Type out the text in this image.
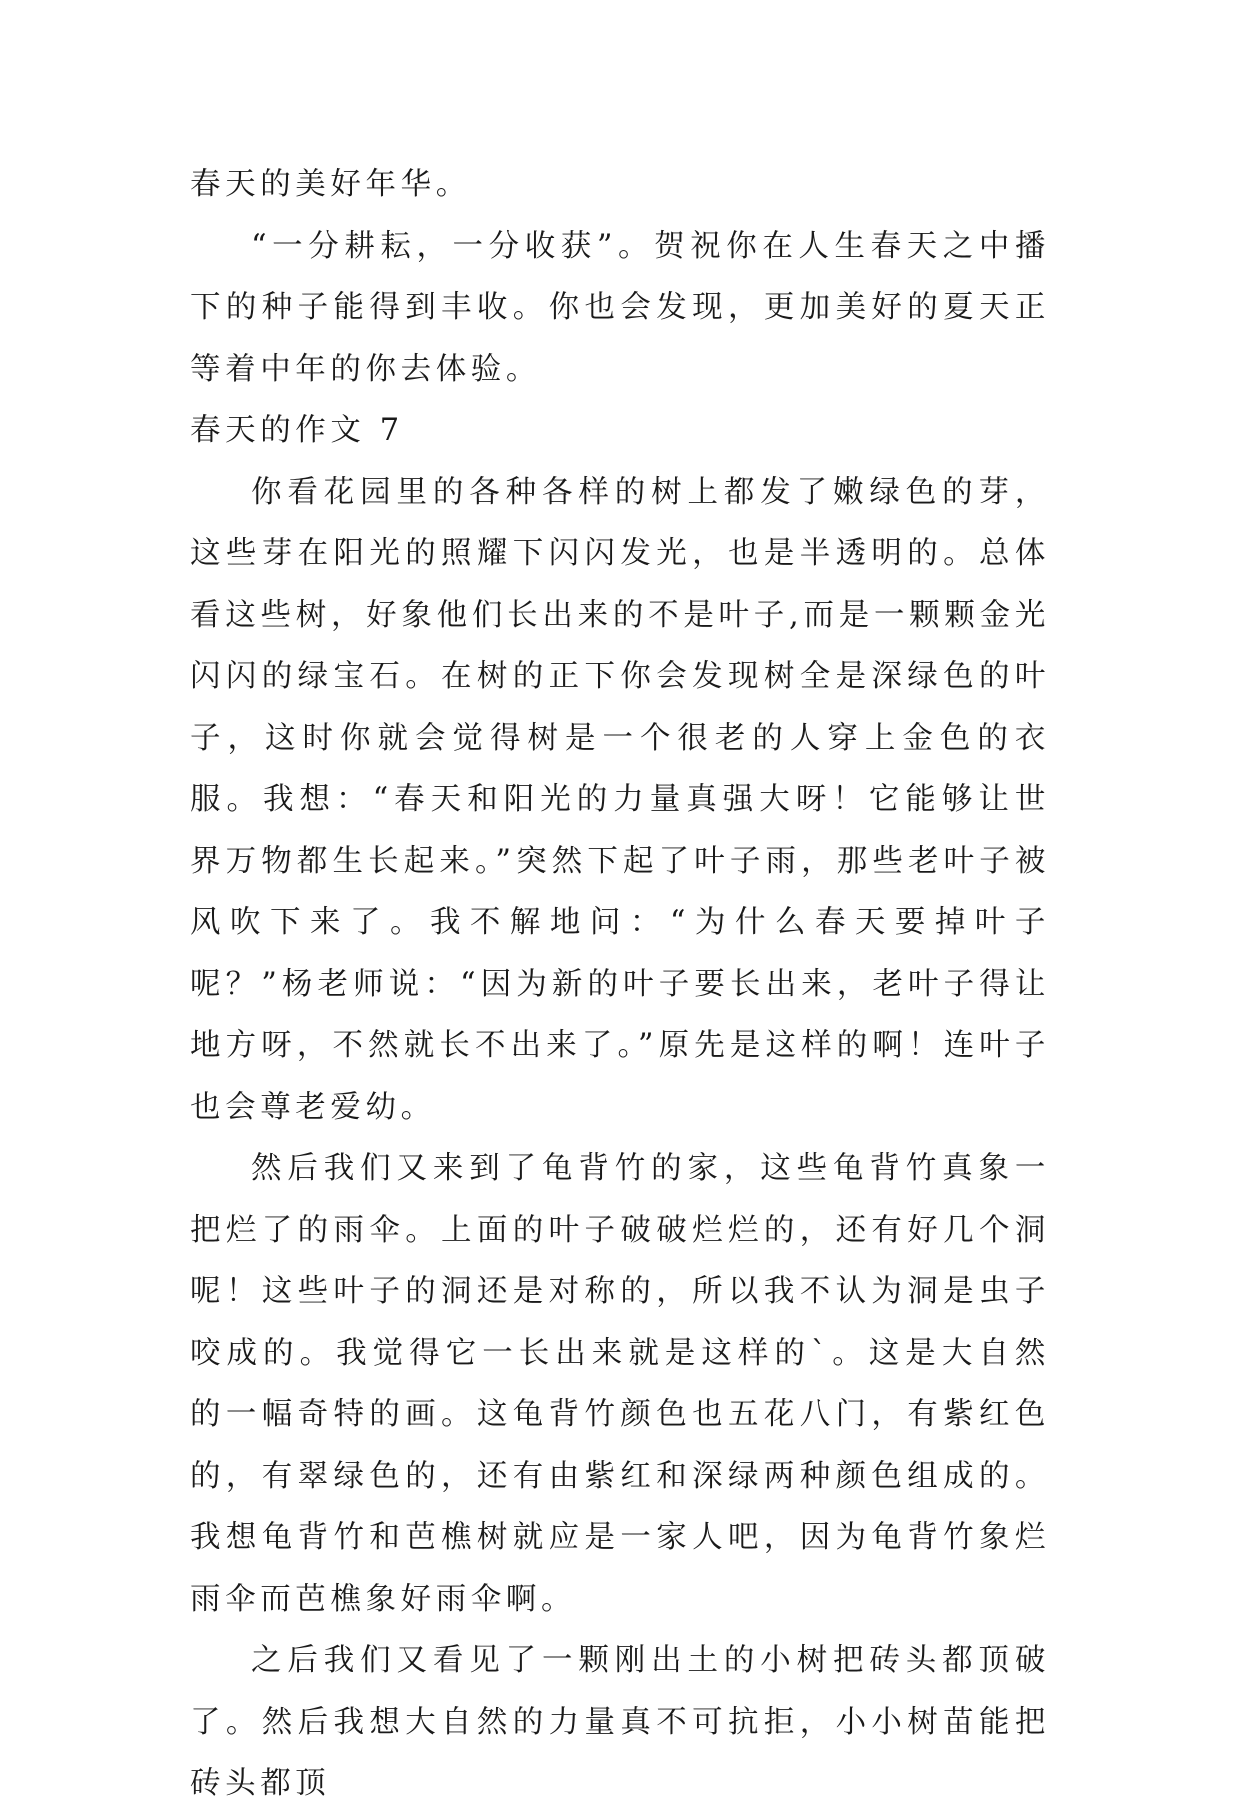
春天的美好年华。

“一分耕耘，一分收获”。贺祝你在人生春天之中播下的种子能得到丰收。你也会发现，更加美好的夏天正等着中年的你去体验。

春天的作文 7

你看花园里的各种各样的树上都发了嫩绿色的芽，这些芽在阳光的照耀下闪闪发光，也是半透明的。总体看这些树，好象他们长出来的不是叶子,而是一颗颗金光闪闪的绿宝石。在树的正下你会发现树全是深绿色的叶子，这时你就会觉得树是一个很老的人穿上金色的衣服。我想：“春天和阳光的力量真强大呀！它能够让世界万物都生长起来。”突然下起了叶子雨，那些老叶子被风吹下来了。我不解地问：“为什么春天要掉叶子呢？”杨老师说：“因为新的叶子要长出来，老叶子得让地方呀，不然就长不出来了。”原先是这样的啊！连叶子也会尊老爱幼。

然后我们又来到了龟背竹的家，这些龟背竹真象一把烂了的雨伞。上面的叶子破破烂烂的，还有好几个洞呢！这些叶子的洞还是对称的，所以我不认为洞是虫子咬成的。我觉得它一长出来就是这样的`。这是大自然的一幅奇特的画。这龟背竹颜色也五花八门，有紫红色的，有翠绿色的，还有由紫红和深绿两种颜色组成的。我想龟背竹和芭樵树就应是一家人吧，因为龟背竹象烂雨伞而芭樵象好雨伞啊。

之后我们又看见了一颗刚出土的小树把砖头都顶破了。然后我想大自然的力量真不可抗拒，小小树苗能把砖头都顶
